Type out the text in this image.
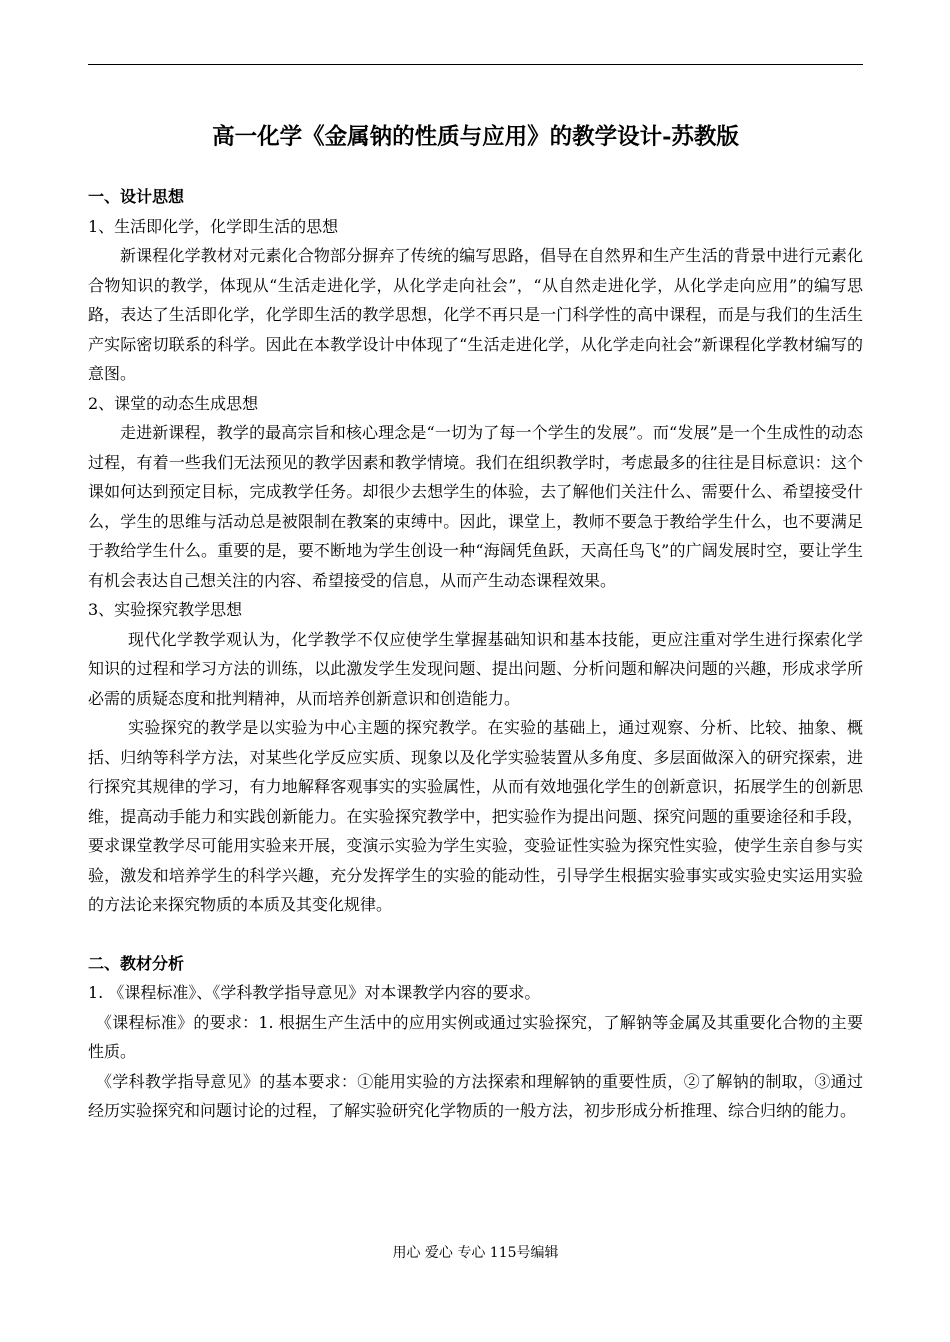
高一化学《金属钠的性质与应用》的教学设计-苏教版

一、设计思想

1、生活即化学，化学即生活的思想

新课程化学教材对元素化合物部分摒弃了传统的编写思路，倡导在自然界和生产生活的背景中进行元素化合物知识的教学，体现从“生活走进化学，从化学走向社会”，“从自然走进化学，从化学走向应用”的编写思路，表达了生活即化学，化学即生活的教学思想，化学不再只是一门科学性的高中课程，而是与我们的生活生产实际密切联系的科学。因此在本教学设计中体现了“生活走进化学，从化学走向社会”新课程化学教材编写的意图。

2、课堂的动态生成思想

走进新课程，教学的最高宗旨和核心理念是“一切为了每一个学生的发展”。而“发展”是一个生成性的动态过程，有着一些我们无法预见的教学因素和教学情境。我们在组织教学时，考虑最多的往往是目标意识：这个课如何达到预定目标，完成教学任务。却很少去想学生的体验，去了解他们关注什么、需要什么、希望接受什么，学生的思维与活动总是被限制在教案的束缚中。因此，课堂上，教师不要急于教给学生什么，也不要满足于教给学生什么。重要的是，要不断地为学生创设一种“海阔凭鱼跃，天高任鸟飞”的广阔发展时空，要让学生有机会表达自己想关注的内容、希望接受的信息，从而产生动态课程效果。

3、实验探究教学思想

现代化学教学观认为，化学教学不仅应使学生掌握基础知识和基本技能，更应注重对学生进行探索化学知识的过程和学习方法的训练，以此激发学生发现问题、提出问题、分析问题和解决问题的兴趣，形成求学所必需的质疑态度和批判精神，从而培养创新意识和创造能力。

实验探究的教学是以实验为中心主题的探究教学。在实验的基础上，通过观察、分析、比较、抽象、概括、归纳等科学方法，对某些化学反应实质、现象以及化学实验装置从多角度、多层面做深入的研究探索，进行探究其规律的学习，有力地解释客观事实的实验属性，从而有效地强化学生的创新意识，拓展学生的创新思维，提高动手能力和实践创新能力。在实验探究教学中，把实验作为提出问题、探究问题的重要途径和手段，要求课堂教学尽可能用实验来开展，变演示实验为学生实验，变验证性实验为探究性实验，使学生亲自参与实验，激发和培养学生的科学兴趣，充分发挥学生的实验的能动性，引导学生根据实验事实或实验史实运用实验的方法论来探究物质的本质及其变化规律。

二、教材分析

1. 《课程标准》、《学科教学指导意见》对本课教学内容的要求。

《课程标准》的要求：1. 根据生产生活中的应用实例或通过实验探究，了解钠等金属及其重要化合物的主要性质。

《学科教学指导意见》的基本要求：①能用实验的方法探索和理解钠的重要性质，②了解钠的制取，③通过经历实验探究和问题讨论的过程，了解实验研究化学物质的一般方法，初步形成分析推理、综合归纳的能力。

用心 爱心 专心 115号编辑
